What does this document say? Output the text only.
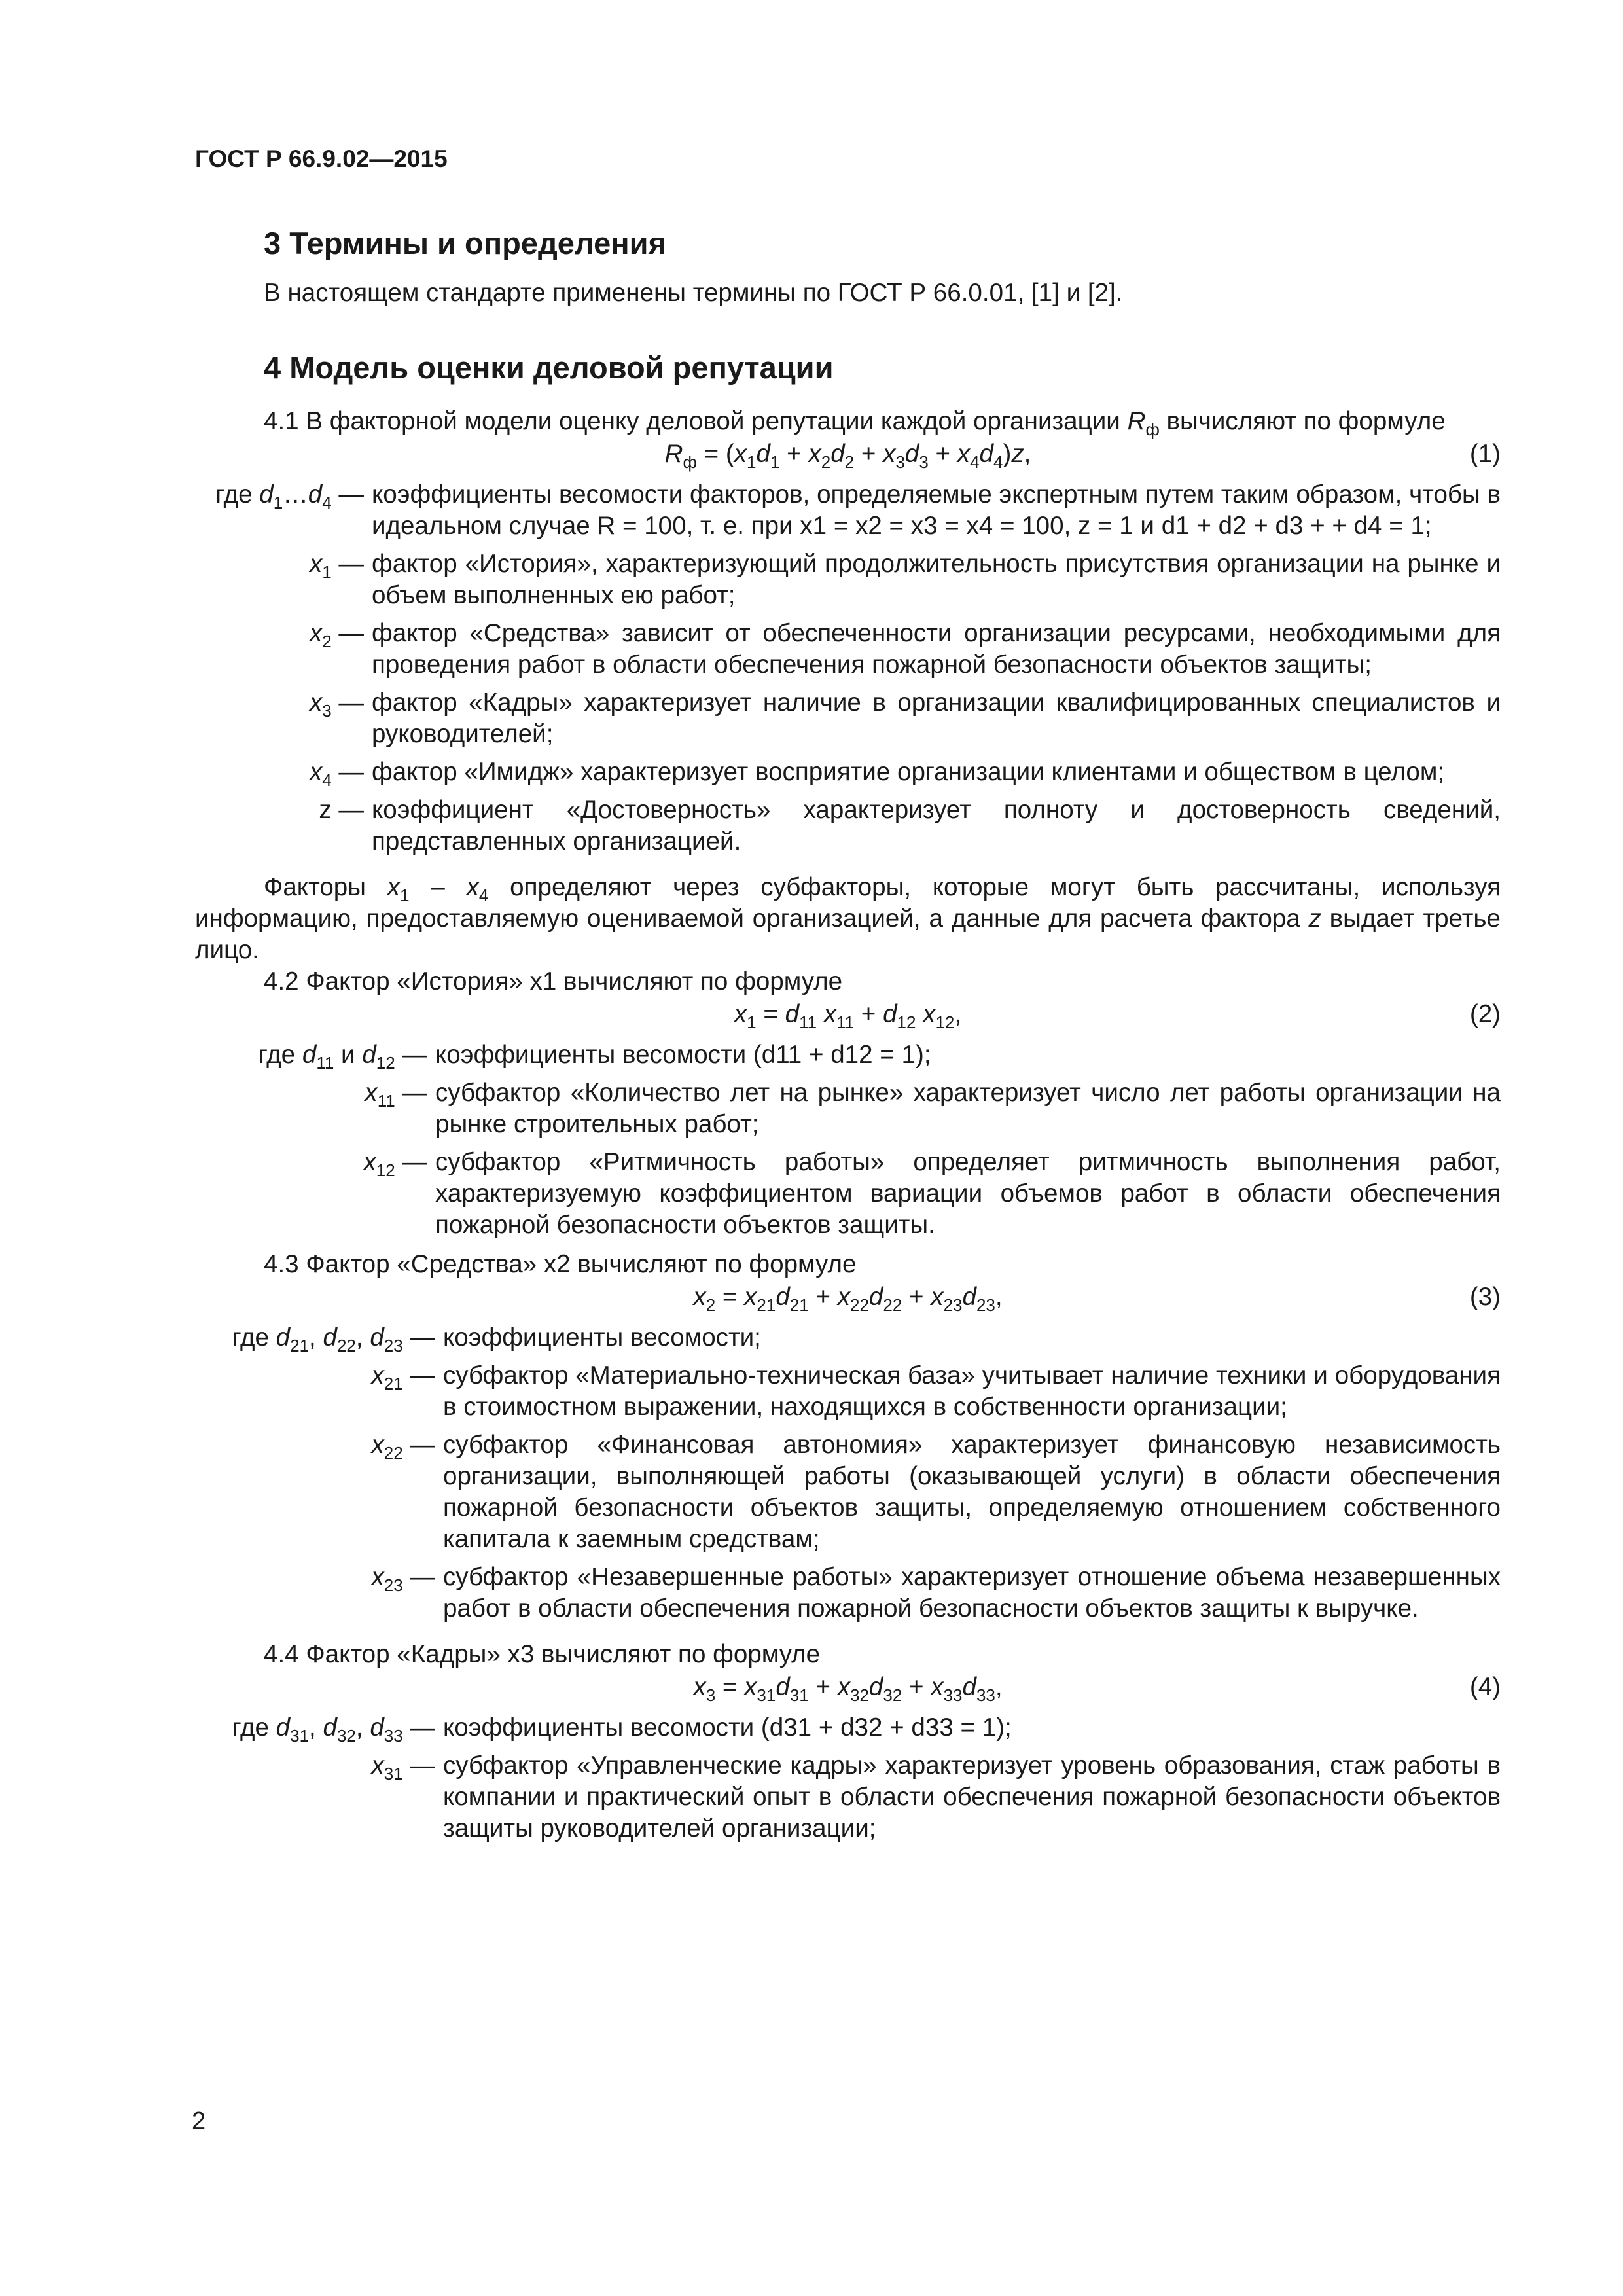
ГОСТ Р 66.9.02—2015
3 Термины и определения
В настоящем стандарте применены термины по ГОСТ Р 66.0.01, [1] и [2].
4 Модель оценки деловой репутации
4.1 В факторной модели оценку деловой репутации каждой организации $R_ф$ вычисляют по формуле
$R_ф = (x_1d_1 + x_2d_2 + x_3d_3 + x_4d_4)z$,	(1)
где $d_1\dots d_4$ — коэффициенты весомости факторов, определяемые экспертным путем таким образом, чтобы в идеальном случае R = 100, т. е. при x1 = x2 = x3 = x4 = 100, z = 1 и d1 + d2 + d3 + + d4 = 1;
$x_1$ — фактор «История», характеризующий продолжительность присутствия организации на рынке и объем выполненных ею работ;
$x_2$ — фактор «Средства» зависит от обеспеченности организации ресурсами, необходимыми для проведения работ в области обеспечения пожарной безопасности объектов защиты;
$x_3$ — фактор «Кадры» характеризует наличие в организации квалифицированных специалистов и руководителей;
$x_4$ — фактор «Имидж» характеризует восприятие организации клиентами и обществом в целом;
z — коэффициент «Достоверность» характеризует полноту и достоверность сведений, представленных организацией.
Факторы $x_1 - x_4$ определяют через субфакторы, которые могут быть рассчитаны, используя информацию, предоставляемую оцениваемой организацией, а данные для расчета фактора z выдает третье лицо.
4.2 Фактор «История» x1 вычисляют по формуле
$x_1 = d_{11}$ $x_{11} + d_{12}$ $x_{12}$,	(2)
где $d_{11}$ и $d_{12}$ — коэффициенты весомости (d11 + d12 = 1);
$x_{11}$ — субфактор «Количество лет на рынке» характеризует число лет работы организации на рынке строительных работ;
$x_{12}$ — субфактор «Ритмичность работы» определяет ритмичность выполнения работ, характеризуемую коэффициентом вариации объемов работ в области обеспечения пожарной безопасности объектов защиты.
4.3 Фактор «Средства» x2 вычисляют по формуле
$x_2 = x_{21}d_{21} + x_{22}d_{22} + x_{23}d_{23}$,	(3)
где $d_{21}$, $d_{22}$, $d_{23}$ — коэффициенты весомости;
$x_{21}$ — субфактор «Материально-техническая база» учитывает наличие техники и оборудования в стоимостном выражении, находящихся в собственности организации;
$x_{22}$ — субфактор «Финансовая автономия» характеризует финансовую независимость организации, выполняющей работы (оказывающей услуги) в области обеспечения пожарной безопасности объектов защиты, определяемую отношением собственного капитала к заемным средствам;
$x_{23}$ — субфактор «Незавершенные работы» характеризует отношение объема незавершенных работ в области обеспечения пожарной безопасности объектов защиты к выручке.
4.4 Фактор «Кадры» x3 вычисляют по формуле
$x_3 = x_{31}d_{31} + x_{32}d_{32} + x_{33}d_{33}$,	(4)
где $d_{31}$, $d_{32}$, $d_{33}$ — коэффициенты весомости (d31 + d32 + d33 = 1);
$x_{31}$ — субфактор «Управленческие кадры» характеризует уровень образования, стаж работы в компании и практический опыт в области обеспечения пожарной безопасности объектов защиты руководителей организации;
2
